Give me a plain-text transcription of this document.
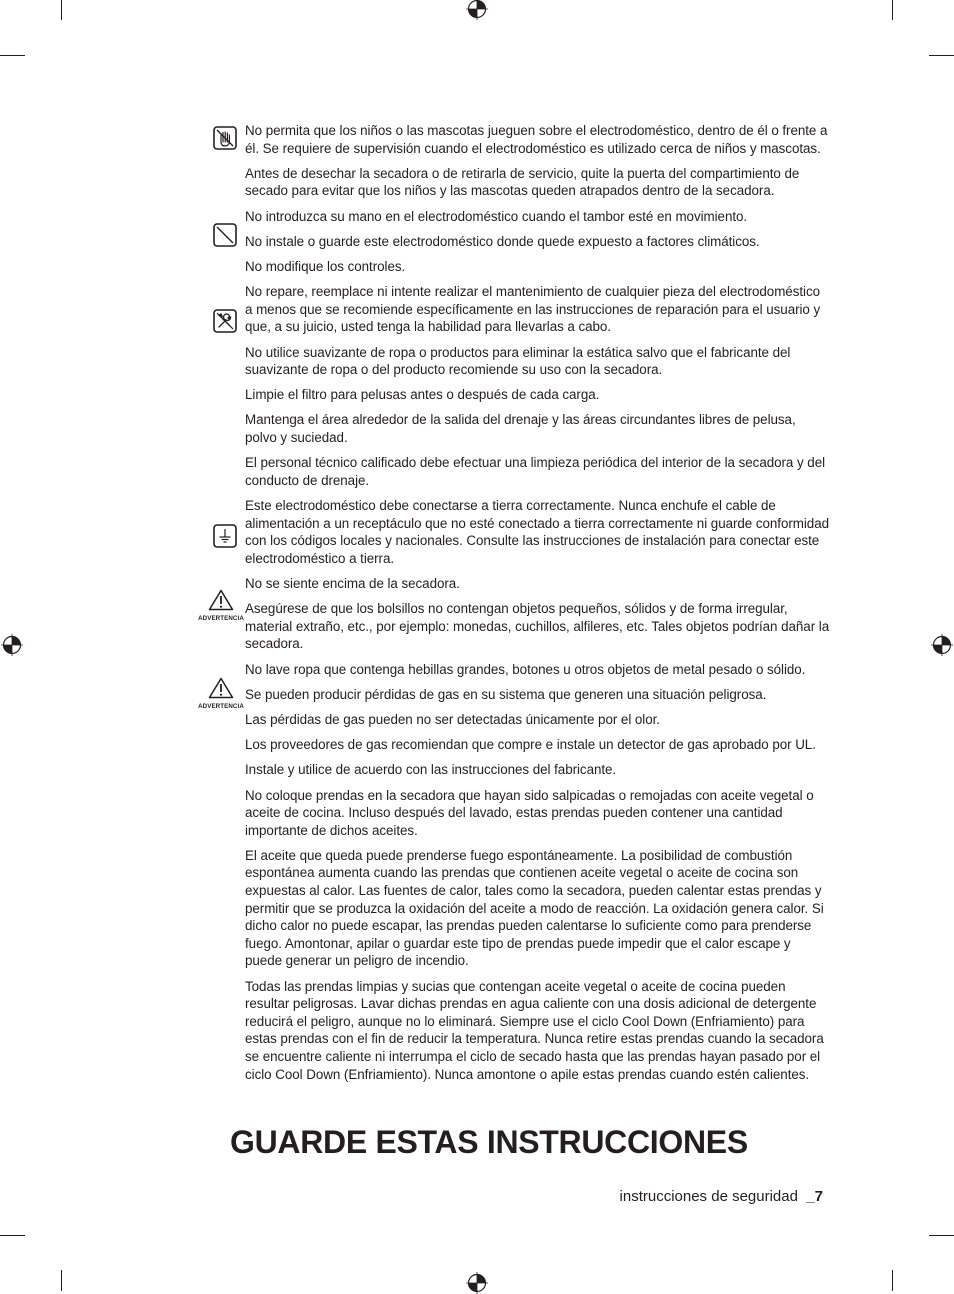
ADVERTENCIA
ADVERTENCIA

No permita que los niños o las mascotas jueguen sobre el electrodoméstico, dentro de él o frente a él. Se requiere de supervisión cuando el electrodoméstico es utilizado cerca de niños y mascotas.

Antes de desechar la secadora o de retirarla de servicio, quite la puerta del compartimiento de secado para evitar que los niños y las mascotas queden atrapados dentro de la secadora.

No introduzca su mano en el electrodoméstico cuando el tambor esté en movimiento.

No instale o guarde este electrodoméstico donde quede expuesto a factores climáticos.

No modifique los controles.

No repare, reemplace ni intente realizar el mantenimiento de cualquier pieza del electrodoméstico a menos que se recomiende específicamente en las instrucciones de reparación para el usuario y que, a su juicio, usted tenga la habilidad para llevarlas a cabo.

No utilice suavizante de ropa o productos para eliminar la estática salvo que el fabricante del suavizante de ropa o del producto recomiende su uso con la secadora.

Limpie el filtro para pelusas antes o después de cada carga.

Mantenga el área alrededor de la salida del drenaje y las áreas circundantes libres de pelusa, polvo y suciedad.

El personal técnico calificado debe efectuar una limpieza periódica del interior de la secadora y del conducto de drenaje.

Este electrodoméstico debe conectarse a tierra correctamente. Nunca enchufe el cable de alimentación a un receptáculo que no esté conectado a tierra correctamente ni guarde conformidad con los códigos locales y nacionales. Consulte las instrucciones de instalación para conectar este electrodoméstico a tierra.

No se siente encima de la secadora.

Asegúrese de que los bolsillos no contengan objetos pequeños, sólidos y de forma irregular, material extraño, etc., por ejemplo: monedas, cuchillos, alfileres, etc. Tales objetos podrían dañar la secadora.

No lave ropa que contenga hebillas grandes, botones u otros objetos de metal pesado o sólido.

Se pueden producir pérdidas de gas en su sistema que generen una situación peligrosa.

Las pérdidas de gas pueden no ser detectadas únicamente por el olor.

Los proveedores de gas recomiendan que compre e instale un detector de gas aprobado por UL.

Instale y utilice de acuerdo con las instrucciones del fabricante.

No coloque prendas en la secadora que hayan sido salpicadas o remojadas con aceite vegetal o aceite de cocina. Incluso después del lavado, estas prendas pueden contener una cantidad importante de dichos aceites.

El aceite que queda puede prenderse fuego espontáneamente. La posibilidad de combustión espontánea aumenta cuando las prendas que contienen aceite vegetal o aceite de cocina son expuestas al calor. Las fuentes de calor, tales como la secadora, pueden calentar estas prendas y permitir que se produzca la oxidación del aceite a modo de reacción. La oxidación genera calor. Si dicho calor no puede escapar, las prendas pueden calentarse lo suficiente como para prenderse fuego. Amontonar, apilar o guardar este tipo de prendas puede impedir que el calor escape y puede generar un peligro de incendio.

Todas las prendas limpias y sucias que contengan aceite vegetal o aceite de cocina pueden resultar peligrosas. Lavar dichas prendas en agua caliente con una dosis adicional de detergente reducirá el peligro, aunque no lo eliminará. Siempre use el ciclo Cool Down (Enfriamiento) para estas prendas con el fin de reducir la temperatura. Nunca retire estas prendas cuando la secadora se encuentre caliente ni interrumpa el ciclo de secado hasta que las prendas hayan pasado por el ciclo Cool Down (Enfriamiento). Nunca amontone o apile estas prendas cuando estén calientes.

GUARDE ESTAS INSTRUCCIONES
instrucciones de seguridad _7
